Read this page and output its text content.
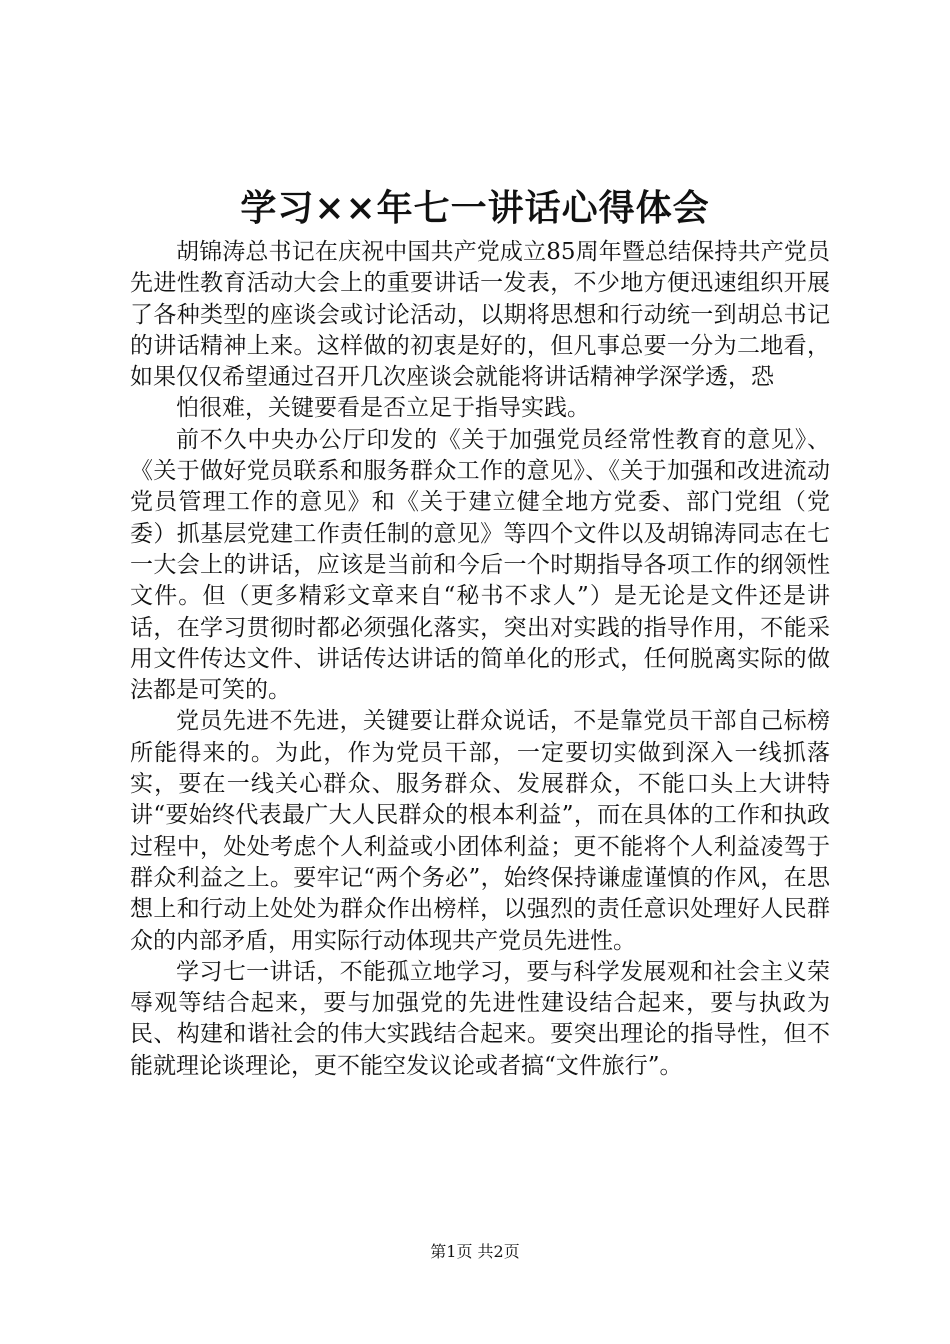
学习××年七一讲话心得体会

胡锦涛总书记在庆祝中国共产党成立85周年暨总结保持共产党员先进性教育活动大会上的重要讲话一发表，不少地方便迅速组织开展了各种类型的座谈会或讨论活动，以期将思想和行动统一到胡总书记的讲话精神上来。这样做的初衷是好的，但凡事总要一分为二地看，如果仅仅希望通过召开几次座谈会就能将讲话精神学深学透，恐

怕很难，关键要看是否立足于指导实践。

前不久中央办公厅印发的《关于加强党员经常性教育的意见》、《关于做好党员联系和服务群众工作的意见》、《关于加强和改进流动党员管理工作的意见》和《关于建立健全地方党委、部门党组（党委）抓基层党建工作责任制的意见》等四个文件以及胡锦涛同志在七一大会上的讲话，应该是当前和今后一个时期指导各项工作的纲领性文件。但（更多精彩文章来自“秘书不求人”）是无论是文件还是讲话，在学习贯彻时都必须强化落实，突出对实践的指导作用，不能采用文件传达文件、讲话传达讲话的简单化的形式，任何脱离实际的做法都是可笑的。

党员先进不先进，关键要让群众说话，不是靠党员干部自己标榜所能得来的。为此，作为党员干部，一定要切实做到深入一线抓落实，要在一线关心群众、服务群众、发展群众，不能口头上大讲特讲“要始终代表最广大人民群众的根本利益”，而在具体的工作和执政过程中，处处考虑个人利益或小团体利益；更不能将个人利益凌驾于群众利益之上。要牢记“两个务必”，始终保持谦虚谨慎的作风，在思想上和行动上处处为群众作出榜样，以强烈的责任意识处理好人民群众的内部矛盾，用实际行动体现共产党员先进性。

学习七一讲话，不能孤立地学习，要与科学发展观和社会主义荣辱观等结合起来，要与加强党的先进性建设结合起来，要与执政为民、构建和谐社会的伟大实践结合起来。要突出理论的指导性，但不能就理论谈理论，更不能空发议论或者搞“文件旅行”。

第1页 共2页
